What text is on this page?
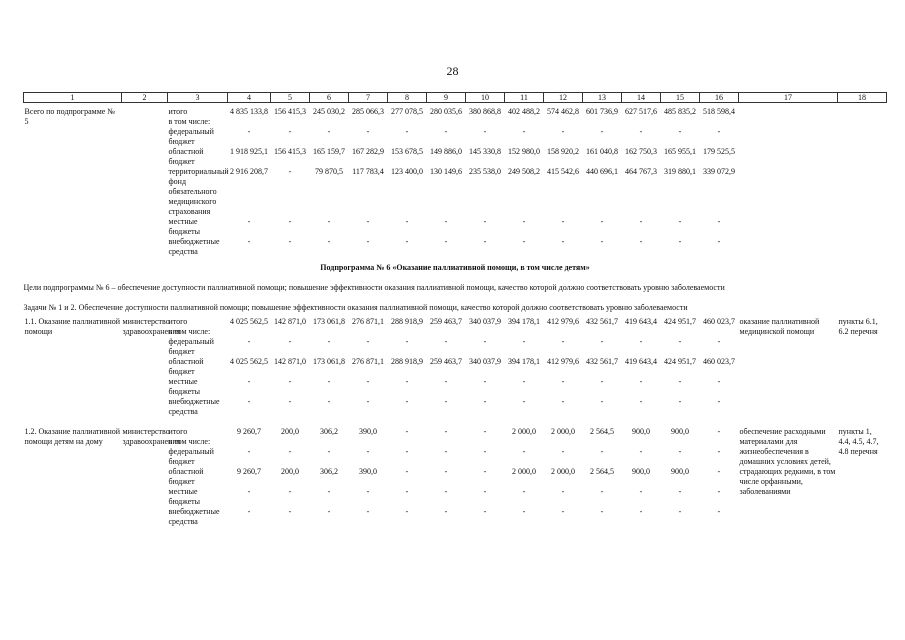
28
1	2	3	4	5	6	7	8	9	10	11	12	13	14	15	16	17	18

Всего по подпрограмме № 5		итого	4 835 133,8	156 415,3	245 030,2	285 066,3	277 078,5	280 035,6	380 868,8	402 488,2	574 462,8	601 736,9	627 517,6	485 835,2	518 598,4		
		в том числе:															
		федеральный бюджет	-	-	-	-	-	-	-	-	-	-	-	-	-		
		областной бюджет	1 918 925,1	156 415,3	165 159,7	167 282,9	153 678,5	149 886,0	145 330,8	152 980,0	158 920,2	161 040,8	162 750,3	165 955,1	179 525,5		
		территориальный фонд обязательного медицинского страхования	2 916 208,7	-	79 870,5	117 783,4	123 400,0	130 149,6	235 538,0	249 508,2	415 542,6	440 696,1	464 767,3	319 880,1	339 072,9		
		местные бюджеты	-	-	-	-	-	-	-	-	-	-	-	-	-		
		внебюджетные средства	-	-	-	-	-	-	-	-	-	-	-	-	-		
Подпрограмма № 6 «Оказание паллиативной помощи, в том числе детям»																	
Цели подпрограммы № 6 – обеспечение доступности паллиативной помощи; повышение эффективности оказания паллиативной помощи, качество которой должно соответствовать уровню заболеваемости																	
Задачи № 1 и 2. Обеспечение доступности паллиативной помощи; повышение эффективности оказания паллиативной помощи, качество которой должно соответствовать уровню заболеваемости																	
1.1. Оказание паллиативной помощи	министерство здравоохранения	итого	4 025 562,5	142 871,0	173 061,8	276 871,1	288 918,9	259 463,7	340 037,9	394 178,1	412 979,6	432 561,7	419 643,4	424 951,7	460 023,7	оказание паллиативной медицинской помощи	пункты 6.1, 6.2 перечня
		в том числе:															
		федеральный бюджет	-	-	-	-	-	-	-	-	-	-	-	-	-		
		областной бюджет	4 025 562,5	142 871,0	173 061,8	276 871,1	288 918,9	259 463,7	340 037,9	394 178,1	412 979,6	432 561,7	419 643,4	424 951,7	460 023,7		
		местные бюджеты	-	-	-	-	-	-	-	-	-	-	-	-	-		
		внебюджетные средства	-	-	-	-	-	-	-	-	-	-	-	-	-		

1.2. Оказание паллиативной помощи детям на дому	министерство здравоохранения	итого	9 260,7	200,0	306,2	390,0	-	-	-	2 000,0	2 000,0	2 564,5	900,0	900,0	-	обеспечение расходными материалами для жизнеобеспечения в домашних условиях детей, страдающих редкими, в том числе орфанными, заболеваниями	пункты 1, 4.4, 4.5, 4.7, 4.8 перечня
		в том числе:															
		федеральный бюджет	-	-	-	-	-	-	-	-	-	-	-	-	-		
		областной бюджет	9 260,7	200,0	306,2	390,0	-	-	-	2 000,0	2 000,0	2 564,5	900,0	900,0	-		
		местные бюджеты	-	-	-	-	-	-	-	-	-	-	-	-	-		
		внебюджетные средства	-	-	-	-	-	-	-	-	-	-	-	-	-		
